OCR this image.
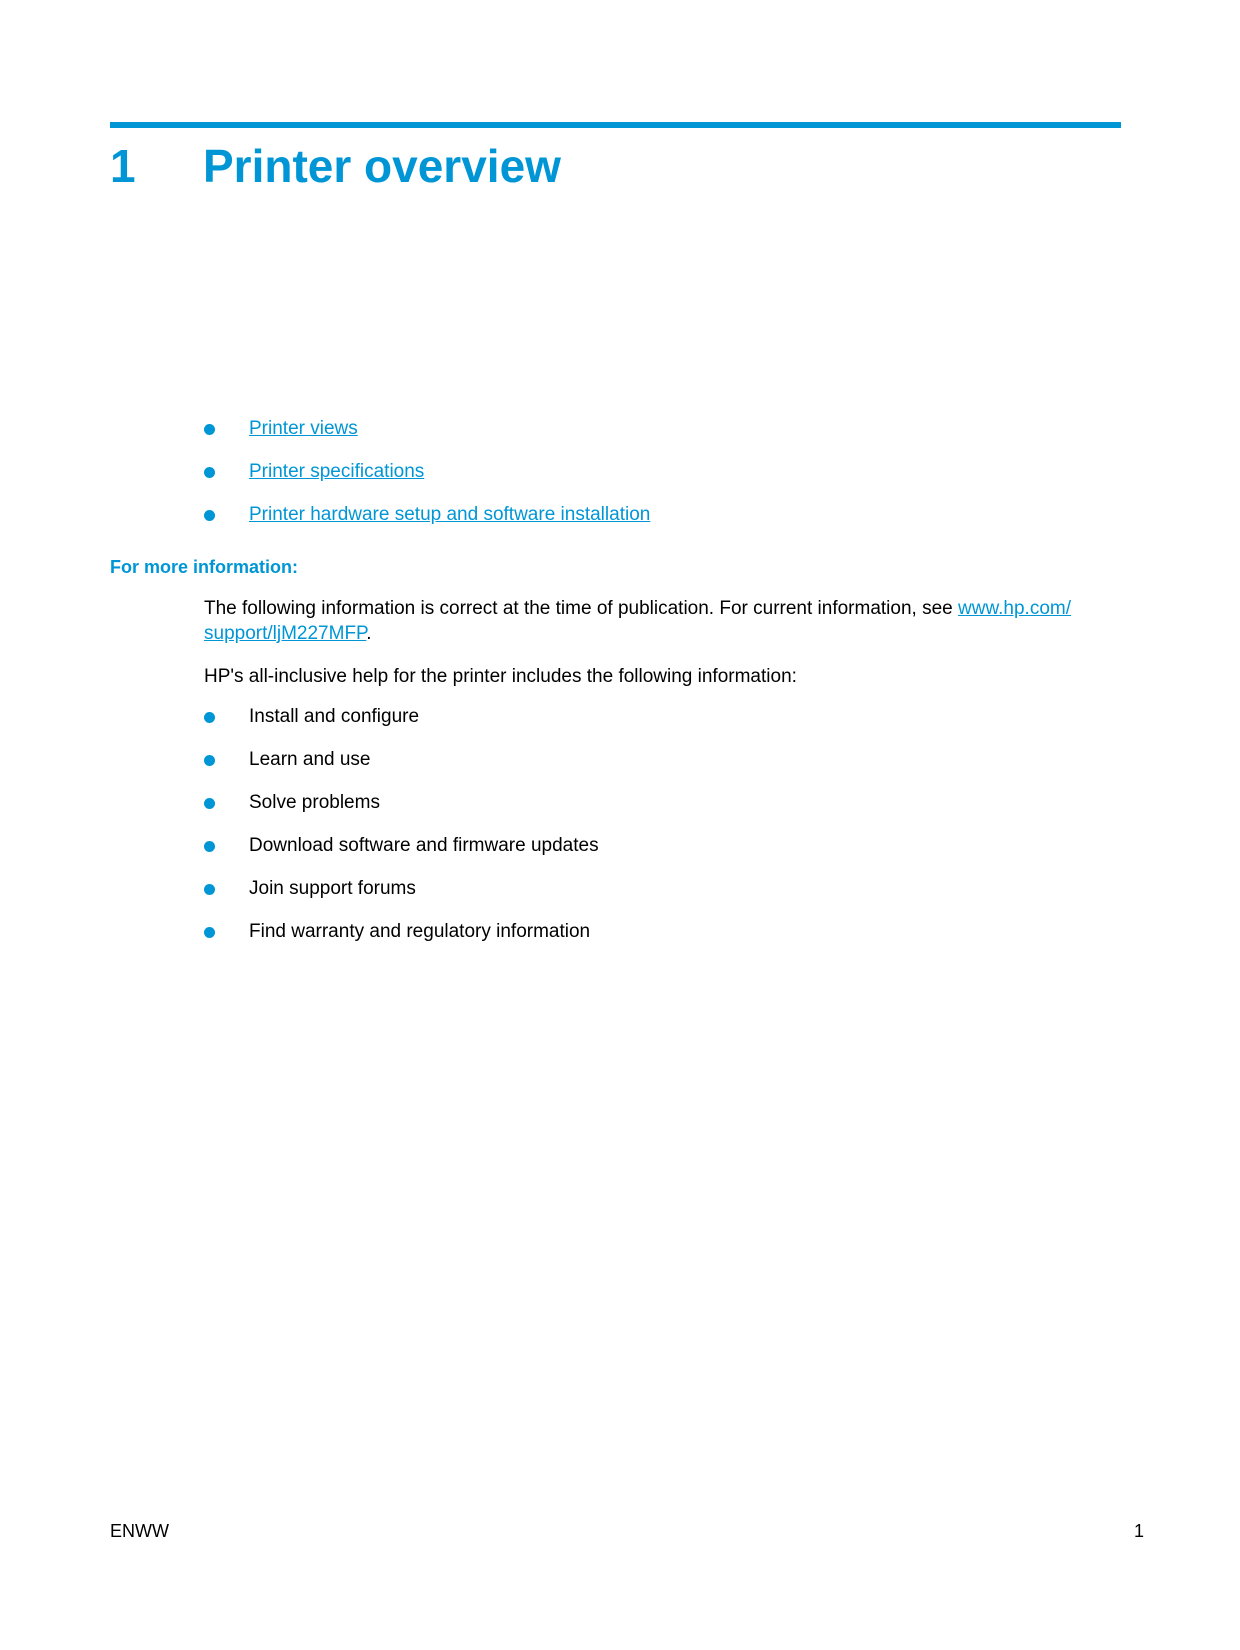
1 Printer overview
Printer views
Printer specifications
Printer hardware setup and software installation
For more information:

The following information is correct at the time of publication. For current information, see www.hp.com/
support/ljM227MFP.

HP's all-inclusive help for the printer includes the following information:

Install and configure
Learn and use
Solve problems
Download software and firmware updates
Join support forums
Find warranty and regulatory information
ENWW	1
